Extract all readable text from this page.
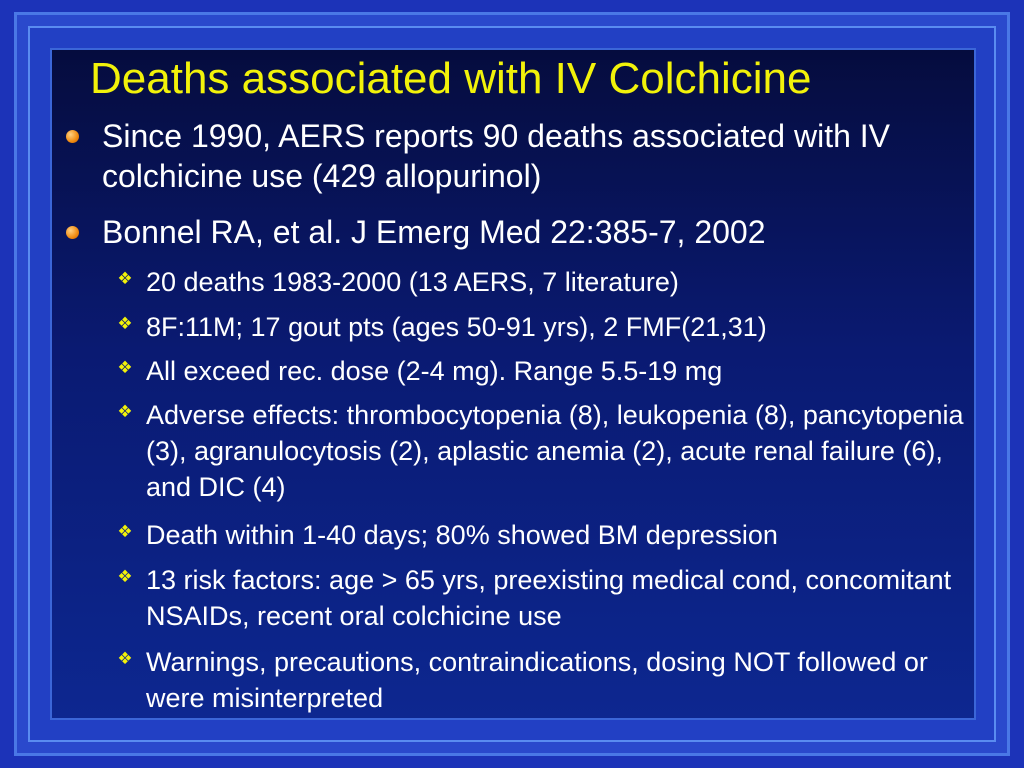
Deaths associated with IV Colchicine
Since 1990, AERS reports 90 deaths associated with IV colchicine use (429 allopurinol)
Bonnel RA, et al. J Emerg Med 22:385-7, 2002
❖ 20 deaths 1983-2000 (13 AERS, 7 literature)
❖ 8F:11M; 17 gout pts (ages 50-91 yrs), 2 FMF(21,31)
❖ All exceed rec. dose (2-4 mg). Range 5.5-19 mg
❖ Adverse effects: thrombocytopenia (8), leukopenia (8), pancytopenia (3), agranulocytosis (2), aplastic anemia (2), acute renal failure (6), and DIC (4)
❖ Death within 1-40 days; 80% showed BM depression
❖ 13 risk factors: age > 65 yrs, preexisting medical cond, concomitant NSAIDs, recent oral colchicine use
❖ Warnings, precautions, contraindications, dosing NOT followed or were misinterpreted
